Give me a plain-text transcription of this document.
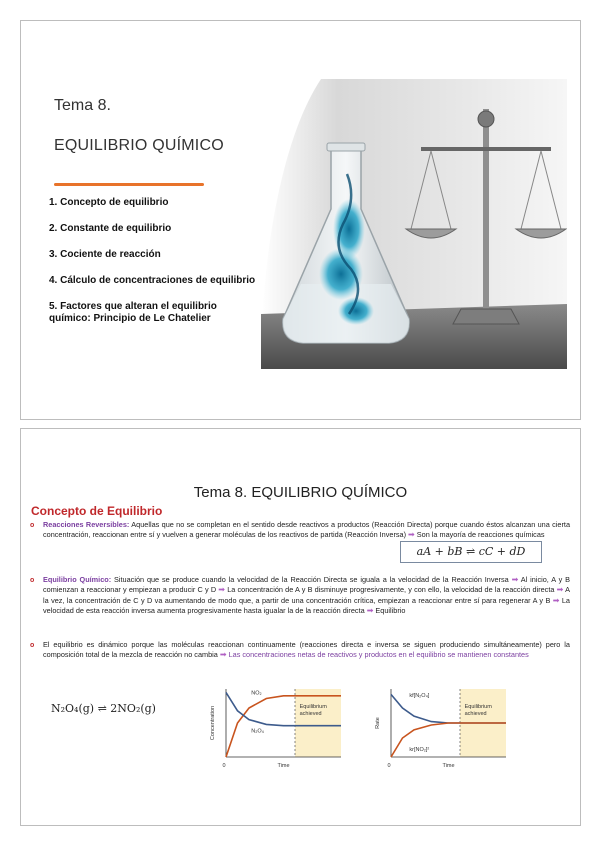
Tema 8.
EQUILIBRIO QUÍMICO
1. Concepto de equilibrio
2. Constante de equilibrio
3. Cociente de reacción
4. Cálculo de concentraciones de equilibrio
5. Factores que alteran el equilibrio químico: Principio de Le Chatelier
Tema 8. EQUILIBRIO QUÍMICO
Concepto de Equilibrio
o Reacciones Reversibles: Aquellas que no se completan en el sentido desde reactivos a productos (Reacción Directa) porque cuando éstos alcanzan una cierta concentración, reaccionan entre sí y vuelven a generar moléculas de los reactivos de partida (Reacción Inversa) ➡ Son la mayoría de reacciones químicas
aA + bB ⇌ cC + dD
o Equilibrio Químico: Situación que se produce cuando la velocidad de la Reacción Directa se iguala a la velocidad de la Reacción Inversa ➡ Al inicio, A y B comienzan a reaccionar y empiezan a producir C y D ➡ La concentración de A y B disminuye progresivamente, y con ello, la velocidad de la reacción directa ➡ A la vez, la concentración de C y D va aumentando de modo que, a partir de una concentración crítica, empiezan a reaccionar entre sí para regenerar A y B ➡ La velocidad de esta reacción inversa aumenta progresivamente hasta igualar la de la reacción directa ➡ Equilibrio
o El equilibrio es dinámico porque las moléculas reaccionan continuamente (reacciones directa e inversa se siguen produciendo simultáneamente) pero la composición total de la mezcla de reacción no cambia ➡ Las concentraciones netas de reactivos y productos en el equilibrio se mantienen constantes
N₂O₄(g) ⇌ 2NO₂(g)
NO₂
N₂O₄
Equilibrium
achieved
Time
0
Concentration
kf[N₂O₄]
kr[NO₂]²
Equilibrium
achieved
Time
0
Rate
